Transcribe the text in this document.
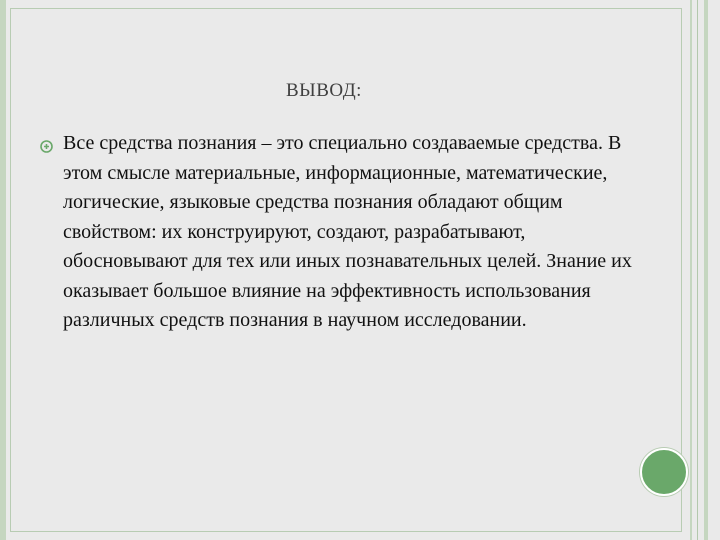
ВЫВОД:

Все средства познания – это специально создаваемые средства. В этом смысле материальные, информационные, математические, логические, языковые средства познания обладают общим свойством: их конструируют, создают, разрабатывают, обосновывают для тех или иных познавательных целей. Знание их оказывает большое влияние на эффективность использования различных средств познания в научном исследовании.
